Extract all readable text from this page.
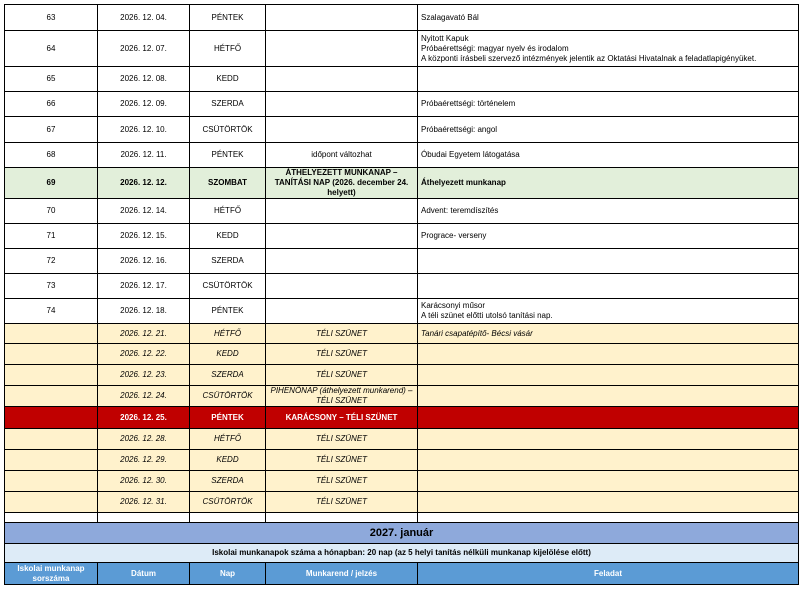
63	2026. 12. 04.	PÉNTEK		Szalagavató Bál

64	2026. 12. 07.	HÉTFŐ		Nyitott Kapuk
Próbaérettségi: magyar nyelv és irodalom
A központi írásbeli szervező intézmények jelentik az Oktatási Hivatalnak a feladatlapigényüket.

65	2026. 12. 08.	KEDD		
66	2026. 12. 09.	SZERDA		Próbaérettségi: történelem

67	2026. 12. 10.	CSÜTÖRTÖK		Próbaérettségi: angol

68	2026. 12. 11.	PÉNTEK	időpont változhat	Óbudai Egyetem látogatása

69	2026. 12. 12.	SZOMBAT	ÁTHELYEZETT MUNKANAP – TANÍTÁSI NAP (2026. december 24. helyett)	Áthelyezett munkanap

70	2026. 12. 14.	HÉTFŐ		Advent: teremdíszítés

71	2026. 12. 15.	KEDD		Prograce- verseny

72	2026. 12. 16.	SZERDA		
73	2026. 12. 17.	CSÜTÖRTÖK		
74	2026. 12. 18.	PÉNTEK		Karácsonyi műsor
A téli szünet előtti utolsó tanítási nap.

	2026. 12. 21.	HÉTFŐ	TÉLI SZÜNET	Tanári csapatépítő- Bécsi vásár

	2026. 12. 22.	KEDD	TÉLI SZÜNET	
	2026. 12. 23.	SZERDA	TÉLI SZÜNET	
	2026. 12. 24.	CSÜTÖRTÖK	PIHENŐNAP (áthelyezett munkarend) – TÉLI SZÜNET	
	2026. 12. 25.	PÉNTEK	KARÁCSONY – TÉLI SZÜNET	
	2026. 12. 28.	HÉTFŐ	TÉLI SZÜNET	
	2026. 12. 29.	KEDD	TÉLI SZÜNET	
	2026. 12. 30.	SZERDA	TÉLI SZÜNET	
	2026. 12. 31.	CSÜTÖRTÖK	TÉLI SZÜNET	

2027. január				
Iskolai munkanapok száma a hónapban: 20 nap (az 5 helyi tanítás nélküli munkanap kijelölése előtt)				
Iskolai munkanap sorszáma	Dátum	Nap	Munkarend / jelzés	Feladat
